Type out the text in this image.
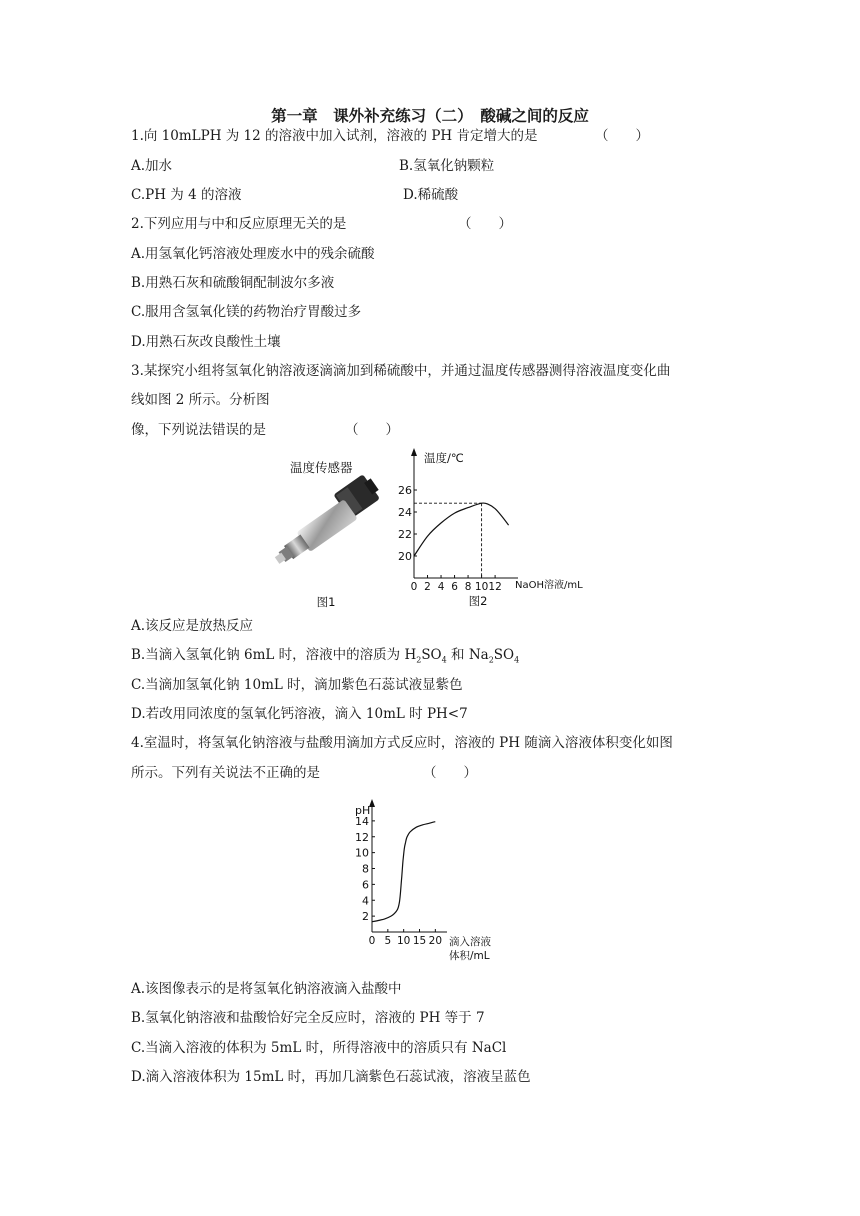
第一章　课外补充练习（二）　酸碱之间的反应
1.向 10mLPH 为 12 的溶液中加入试剂，溶液的 PH 肯定增大的是	（　　）
A.加水	B.氢氧化钠颗粒
C.PH 为 4 的溶液	D.稀硫酸
2.下列应用与中和反应原理无关的是	（　　）
A.用氢氧化钙溶液处理废水中的残余硫酸
B.用熟石灰和硫酸铜配制波尔多液
C.服用含氢氧化镁的药物治疗胃酸过多
D.用熟石灰改良酸性土壤
3.某探究小组将氢氧化钠溶液逐滴滴加到稀硫酸中，并通过温度传感器测得溶液温度变化曲
线如图 2 所示。分析图
像，下列说法错误的是	（　　）
温度传感器
图1
温度/℃
NaOH溶液/mL
20
22
24
26
0 2 4 6 8 10 12
图2
A.该反应是放热反应
B.当滴入氢氧化钠 6mL 时，溶液中的溶质为 $H_2SO_4$ 和 $Na_2SO_4$
C.当滴加氢氧化钠 10mL 时，滴加紫色石蕊试液显紫色
D.若改用同浓度的氢氧化钙溶液，滴入 10mL 时 PH<7
4.室温时，将氢氧化钠溶液与盐酸用滴加方式反应时，溶液的 PH 随滴入溶液体积变化如图
所示。下列有关说法不正确的是	（　　）
pH
滴入溶液
体积/mL
2
4
6
8
10
12
14
0 5 10 15 20
A.该图像表示的是将氢氧化钠溶液滴入盐酸中
B.氢氧化钠溶液和盐酸恰好完全反应时，溶液的 PH 等于 7
C.当滴入溶液的体积为 5mL 时，所得溶液中的溶质只有 NaCl
D.滴入溶液体积为 15mL 时，再加几滴紫色石蕊试液，溶液呈蓝色
